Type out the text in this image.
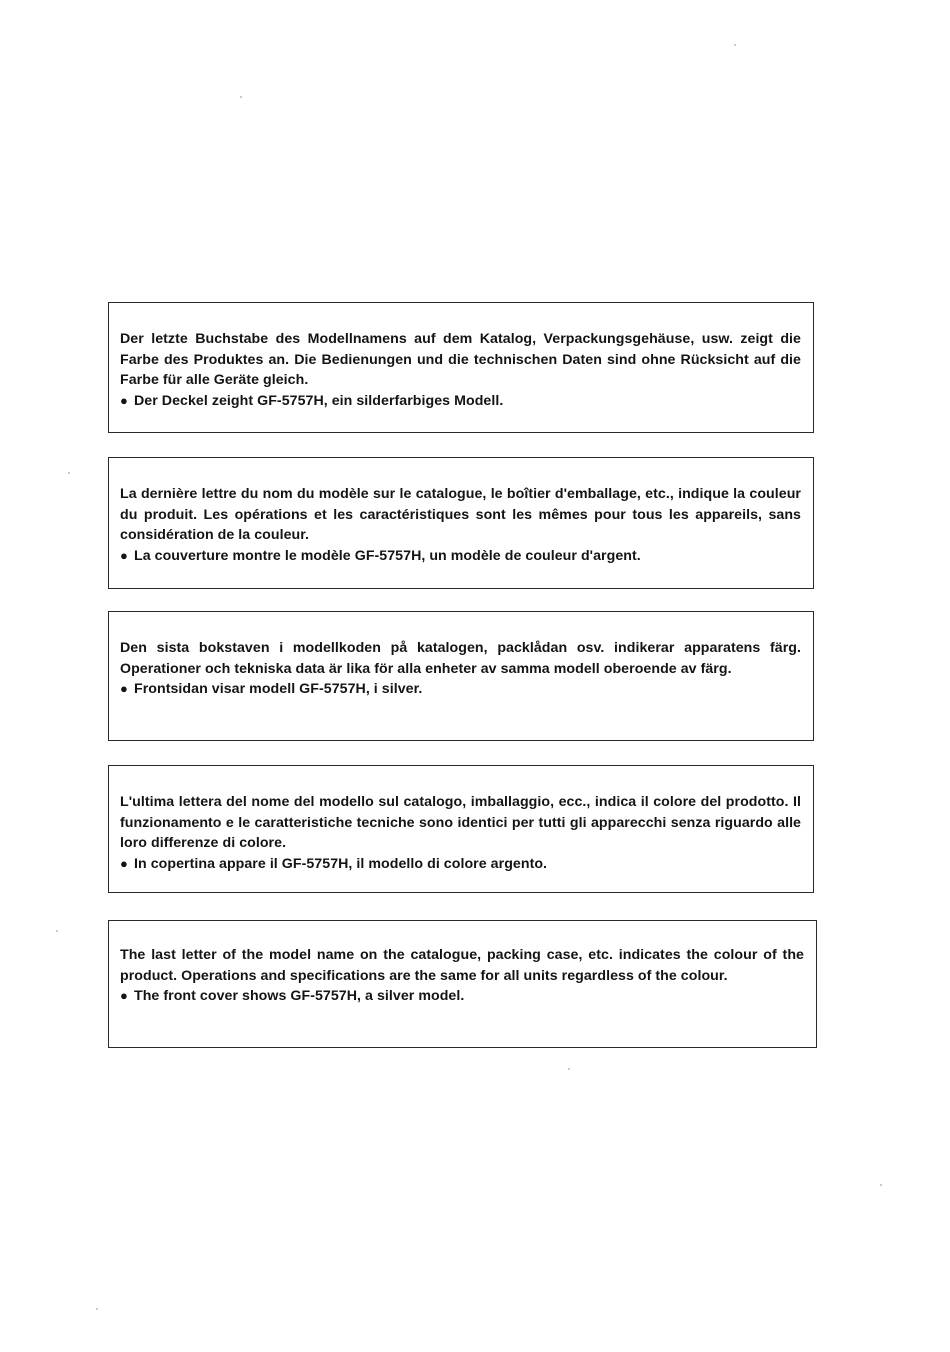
Der letzte Buchstabe des Modellnamens auf dem Katalog, Verpackungsgehäuse, usw. zeigt die Farbe des Produktes an. Die Bedienungen und die technischen Daten sind ohne Rücksicht auf die Farbe für alle Geräte gleich.

● Der Deckel zeight GF-5757H, ein silderfarbiges Modell.

La dernière lettre du nom du modèle sur le catalogue, le boîtier d'emballage, etc., indique la couleur du produit. Les opérations et les caractéristiques sont les mêmes pour tous les appareils, sans considération de la couleur.

● La couverture montre le modèle GF-5757H, un modèle de couleur d'argent.

Den sista bokstaven i modellkoden på katalogen, packlådan osv. indikerar apparatens färg. Operationer och tekniska data är lika för alla enheter av samma modell oberoende av färg.

● Frontsidan visar modell GF-5757H, i silver.

L'ultima lettera del nome del modello sul catalogo, imballaggio, ecc., indica il colore del prodotto. Il funzionamento e le caratteristiche tecniche sono identici per tutti gli apparecchi senza riguardo alle loro differenze di colore.

● In copertina appare il GF-5757H, il modello di colore argento.

The last letter of the model name on the catalogue, packing case, etc. indicates the colour of the product. Operations and specifications are the same for all units regardless of the colour.

● The front cover shows GF-5757H, a silver model.
